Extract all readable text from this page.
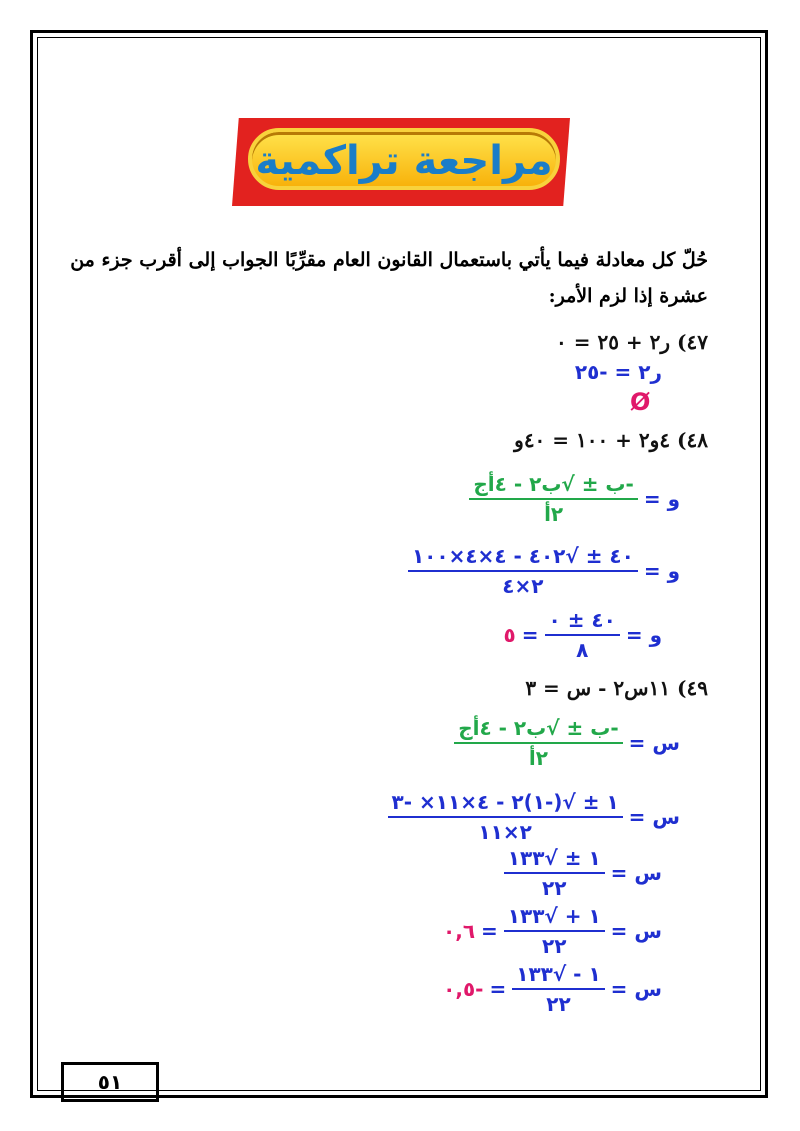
مراجعة تراكمية
حُلّ كل معادلة فيما يأتي باستعمال القانون العام مقرِّبًا الجواب إلى أقرب جزء من عشرة إذا لزم الأمر:
٤٧) ر٢ + ٢٥ = ٠
ر٢ = -٢٥
Ø
٤٨) ٤و٢ + ١٠٠ = ٤٠و
و =
$\frac{\text{-ب ± √ب٢ - ٤أج}}{\text{٢أ}}$
و =
$\frac{٤٠ \pm √٤٠٢ - ٤\times ٤\times ١٠٠}{٢\times ٤}$
و =
$\frac{٤٠ \pm ٠}{٨}$
=
٥
٤٩) ١١س٢ - س = ٣
س =
$\frac{\text{-ب ± √ب٢ - ٤أج}}{\text{٢أ}}$
س =
$\frac{١ \pm √(-١)٢ - ٤\times ١١\times -٣}{٢\times ١١}$
س =
$\frac{١ \pm √١٣٣}{٢٢}$
س =
$\frac{١ + √١٣٣}{٢٢}$
=
٠,٦
س =
$\frac{١ - √١٣٣}{٢٢}$
=
-٠,٥
٥١
